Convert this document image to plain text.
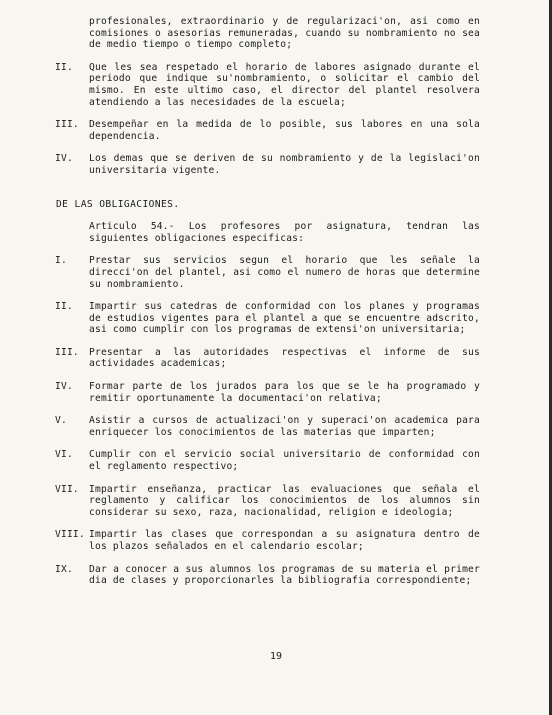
profesionales, extraordinario y de regularizaci'on, asi como en comisiones o asesorias remuneradas, cuando su nombramiento no sea de medio tiempo o tiempo completo;
II.	Que les sea respetado el horario de labores asignado durante el periodo que indique su'nombramiento, o solicitar el cambio del mismo. En este ultimo caso, el director del plantel resolvera atendiendo a las necesidades de la escuela;
III.	Desempeñar en la medida de lo posible, sus labores en una sola dependencia.
IV.	Los demas que se deriven de su nombramiento y de la legislaci'on universitaria vigente.
DE LAS OBLIGACIONES.
Articulo 54.- Los profesores por asignatura, tendran las siguientes obligaciones especificas:
I.	Prestar sus servicios segun el horario que les señale la direcci'on del plantel, asi como el numero de horas que determine su nombramiento.
II.	Impartir sus catedras de conformidad con los planes y programas de estudios vigentes para el plantel a que se encuentre adscrito, asi como cumplir con los programas de extensi'on universitaria;
III.	Presentar a las autoridades respectivas el informe de sus actividades academicas;
IV.	Formar parte de los jurados para los que se le ha programado y remitir oportunamente la documentaci'on relativa;
V.	Asistir a cursos de actualizaci'on y superaci'on academica para enriquecer los conocimientos de las materias que imparten;
VI.	Cumplir con el servicio social universitario de conformidad con el reglamento respectivo;
VII.	Impartir enseñanza, practicar las evaluaciones que señala el reglamento y calificar los conocimientos de los alumnos sin considerar su sexo, raza, nacionalidad, religion e ideologia;
VIII. Impartir las clases que correspondan a su asignatura dentro de los plazos señalados en el calendario escolar;
IX.	Dar a conocer a sus alumnos los programas de su materia el primer dia de clases y proporcionarles la bibliografia correspondiente;
19
